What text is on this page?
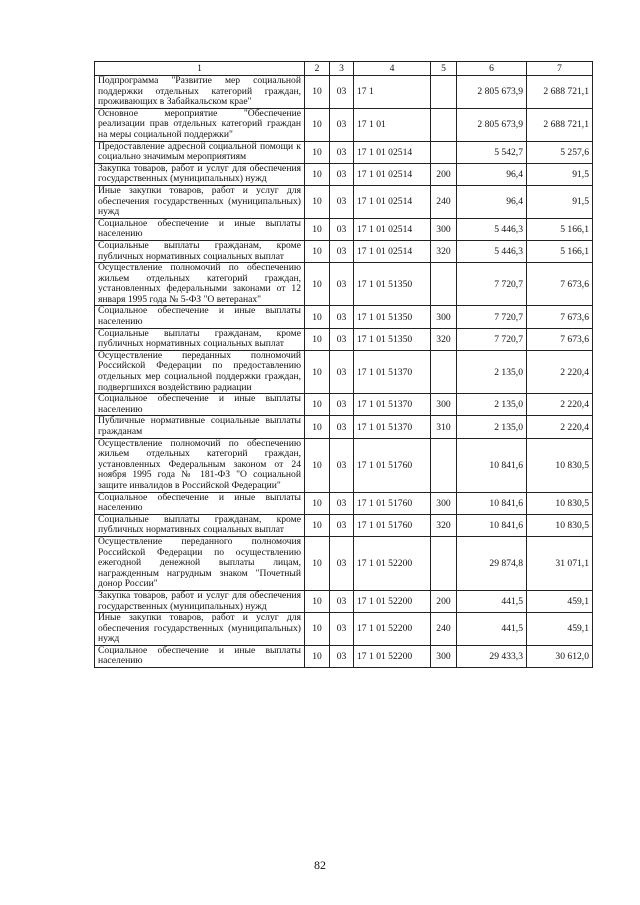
1	2	3	4	5	6	7
Подпрограмма "Развитие мер социальной поддержки отдельных категорий граждан, проживающих в Забайкальском крае"	10	03	17 1		2 805 673,9	2 688 721,1
Основное мероприятие "Обеспечение реализации прав отдельных категорий граждан на меры социальной поддержки"	10	03	17 1 01		2 805 673,9	2 688 721,1
Предоставление адресной социальной помощи к социально значимым мероприятиям	10	03	17 1 01 02514		5 542,7	5 257,6
Закупка товаров, работ и услуг для обеспечения государственных (муниципальных) нужд	10	03	17 1 01 02514	200	96,4	91,5
Иные закупки товаров, работ и услуг для обеспечения государственных (муниципальных) нужд	10	03	17 1 01 02514	240	96,4	91,5
Социальное обеспечение и иные выплаты населению	10	03	17 1 01 02514	300	5 446,3	5 166,1
Социальные выплаты гражданам, кроме публичных нормативных социальных выплат	10	03	17 1 01 02514	320	5 446,3	5 166,1
Осуществление полномочий по обеспечению жильем отдельных категорий граждан, установленных федеральными законами от 12 января 1995 года № 5-ФЗ "О ветеранах"	10	03	17 1 01 51350		7 720,7	7 673,6
Социальное обеспечение и иные выплаты населению	10	03	17 1 01 51350	300	7 720,7	7 673,6
Социальные выплаты гражданам, кроме публичных нормативных социальных выплат	10	03	17 1 01 51350	320	7 720,7	7 673,6
Осуществление переданных полномочий Российской Федерации по предоставлению отдельных мер социальной поддержки граждан, подвергшихся воздействию радиации	10	03	17 1 01 51370		2 135,0	2 220,4
Социальное обеспечение и иные выплаты населению	10	03	17 1 01 51370	300	2 135,0	2 220,4
Публичные нормативные социальные выплаты гражданам	10	03	17 1 01 51370	310	2 135,0	2 220,4
Осуществление полномочий по обеспечению жильем отдельных категорий граждан, установленных Федеральным законом от 24 ноября 1995 года № 181-ФЗ "О социальной защите инвалидов в Российской Федерации"	10	03	17 1 01 51760		10 841,6	10 830,5
Социальное обеспечение и иные выплаты населению	10	03	17 1 01 51760	300	10 841,6	10 830,5
Социальные выплаты гражданам, кроме публичных нормативных социальных выплат	10	03	17 1 01 51760	320	10 841,6	10 830,5
Осуществление переданного полномочия Российской Федерации по осуществлению ежегодной денежной выплаты лицам, награжденным нагрудным знаком "Почетный донор России"	10	03	17 1 01 52200		29 874,8	31 071,1
Закупка товаров, работ и услуг для обеспечения государственных (муниципальных) нужд	10	03	17 1 01 52200	200	441,5	459,1
Иные закупки товаров, работ и услуг для обеспечения государственных (муниципальных) нужд	10	03	17 1 01 52200	240	441,5	459,1
Социальное обеспечение и иные выплаты населению	10	03	17 1 01 52200	300	29 433,3	30 612,0
82
